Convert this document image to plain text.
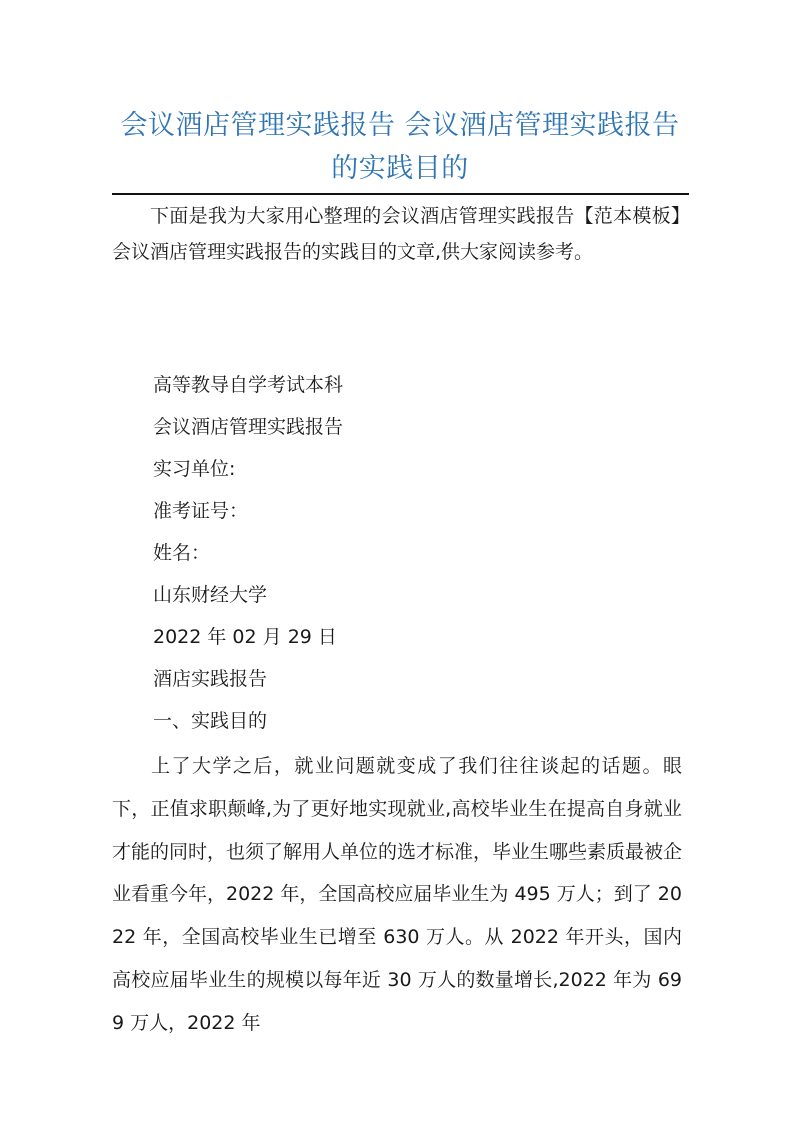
会议酒店管理实践报告 会议酒店管理实践报告的实践目的
下面是我为大家用心整理的会议酒店管理实践报告【范本模板】 会议酒店管理实践报告的实践目的文章,供大家阅读参考。
高等教导自学考试本科
会议酒店管理实践报告
实习单位:
准考证号：
姓名：
山东财经大学
2022 年 02 月 29 日
酒店实践报告
一、实践目的
上了大学之后，就业问题就变成了我们往往谈起的话题。眼下，正值求职颠峰,为了更好地实现就业,高校毕业生在提高自身就业才能的同时，也须了解用人单位的选才标准，毕业生哪些素质最被企业看重今年，2022 年，全国高校应届毕业生为 495 万人；到了 2022 年，全国高校毕业生已增至 630 万人。从 2022 年开头，国内高校应届毕业生的规模以每年近 30 万人的数量增长,2022 年为 699 万人，2022 年
